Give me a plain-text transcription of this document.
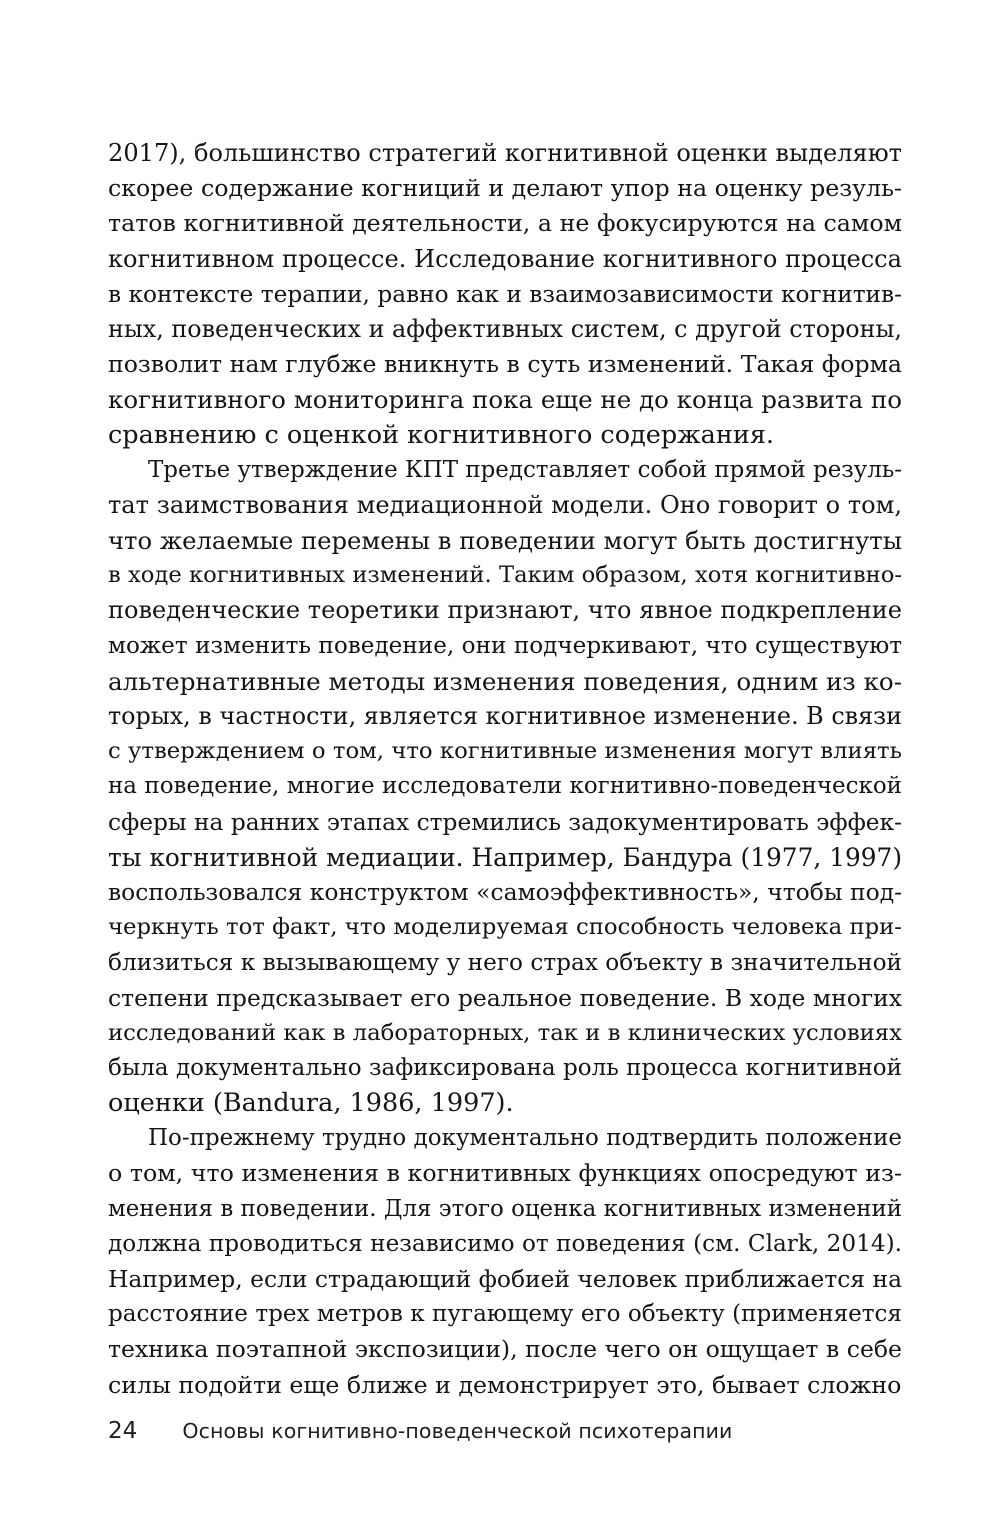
2017), большинство стратегий когнитивной оценки выделяют
скорее содержание когниций и делают упор на оценку резуль-
татов когнитивной деятельности, а не фокусируются на самом
когнитивном процессе. Исследование когнитивного процесса
в контексте терапии, равно как и взаимозависимости когнитив-
ных, поведенческих и аффективных систем, с другой стороны,
позволит нам глубже вникнуть в суть изменений. Такая форма
когнитивного мониторинга пока еще не до конца развита по
сравнению с оценкой когнитивного содержания.
Третье утверждение КПТ представляет собой прямой резуль-
тат заимствования медиационной модели. Оно говорит о том,
что желаемые перемены в поведении могут быть достигнуты
в ходе когнитивных изменений. Таким образом, хотя когнитивно-
поведенческие теоретики признают, что явное подкрепление
может изменить поведение, они подчеркивают, что существуют
альтернативные методы изменения поведения, одним из ко-
торых, в частности, является когнитивное изменение. В связи
с утверждением о том, что когнитивные изменения могут влиять
на поведение, многие исследователи когнитивно-поведенческой
сферы на ранних этапах стремились задокументировать эффек-
ты когнитивной медиации. Например, Бандура (1977, 1997)
воспользовался конструктом «самоэффективность», чтобы под-
черкнуть тот факт, что моделируемая способность человека при-
близиться к вызывающему у него страх объекту в значительной
степени предсказывает его реальное поведение. В ходе многих
исследований как в лабораторных, так и в клинических условиях
была документально зафиксирована роль процесса когнитивной
оценки (Bandura, 1986, 1997).
По-прежнему трудно документально подтвердить положение
о том, что изменения в когнитивных функциях опосредуют из-
менения в поведении. Для этого оценка когнитивных изменений
должна проводиться независимо от поведения (см. Clark, 2014).
Например, если страдающий фобией человек приближается на
расстояние трех метров к пугающему его объекту (применяется
техника поэтапной экспозиции), после чего он ощущает в себе
силы подойти еще ближе и демонстрирует это, бывает сложно
24 Основы когнитивно-поведенческой психотерапии
